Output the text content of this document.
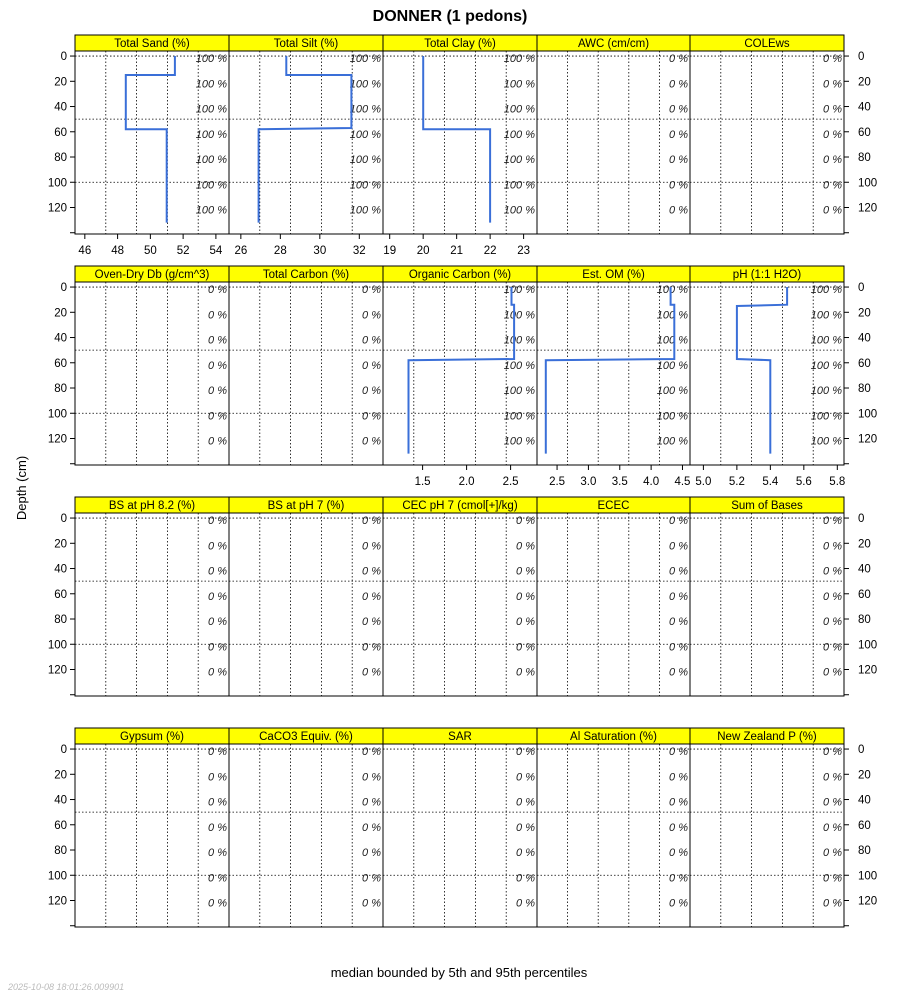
DONNER (1 pedons)
Depth (cm)
median bounded by 5th and 95th percentiles
2025-10-08 18:01:26.009901
Total Sand (%)
100 %
100 %
100 %
100 %
100 %
100 %
100 %
46 48 50 52 54
0
20
40
60
80
100
120
Total Silt (%)
100 %
100 %
100 %
100 %
100 %
100 %
100 %
26 28 30 32
Total Clay (%)
100 %
100 %
100 %
100 %
100 %
100 %
100 %
19 20 21 22 23
AWC (cm/cm)
0 %
0 %
0 %
0 %
0 %
0 %
0 %
COLEws
0 %
0 %
0 %
0 %
0 %
0 %
0 %
0
20
40
60
80
100
120
Oven-Dry Db (g/cm^3)
0 %
0 %
0 %
0 %
0 %
0 %
0 %
0
20
40
60
80
100
120
Total Carbon (%)
0 %
0 %
0 %
0 %
0 %
0 %
0 %
Organic Carbon (%)
100 %
100 %
100 %
100 %
100 %
100 %
100 %
1.5 2.0 2.5
Est. OM (%)
100 %
100 %
100 %
100 %
100 %
100 %
100 %
2.5 3.0 3.5 4.0 4.5
pH (1:1 H2O)
100 %
100 %
100 %
100 %
100 %
100 %
100 %
5.0 5.2 5.4 5.6 5.8
0
20
40
60
80
100
120
BS at pH 8.2 (%)
0 %
0 %
0 %
0 %
0 %
0 %
0 %
0
20
40
60
80
100
120
BS at pH 7 (%)
0 %
0 %
0 %
0 %
0 %
0 %
0 %
CEC pH 7 (cmol[+]/kg)
0 %
0 %
0 %
0 %
0 %
0 %
0 %
ECEC
0 %
0 %
0 %
0 %
0 %
0 %
0 %
Sum of Bases
0 %
0 %
0 %
0 %
0 %
0 %
0 %
0
20
40
60
80
100
120
Gypsum (%)
0 %
0 %
0 %
0 %
0 %
0 %
0 %
0
20
40
60
80
100
120
CaCO3 Equiv. (%)
0 %
0 %
0 %
0 %
0 %
0 %
0 %
SAR
0 %
0 %
0 %
0 %
0 %
0 %
0 %
Al Saturation (%)
0 %
0 %
0 %
0 %
0 %
0 %
0 %
New Zealand P (%)
0 %
0 %
0 %
0 %
0 %
0 %
0 %
0
20
40
60
80
100
120
